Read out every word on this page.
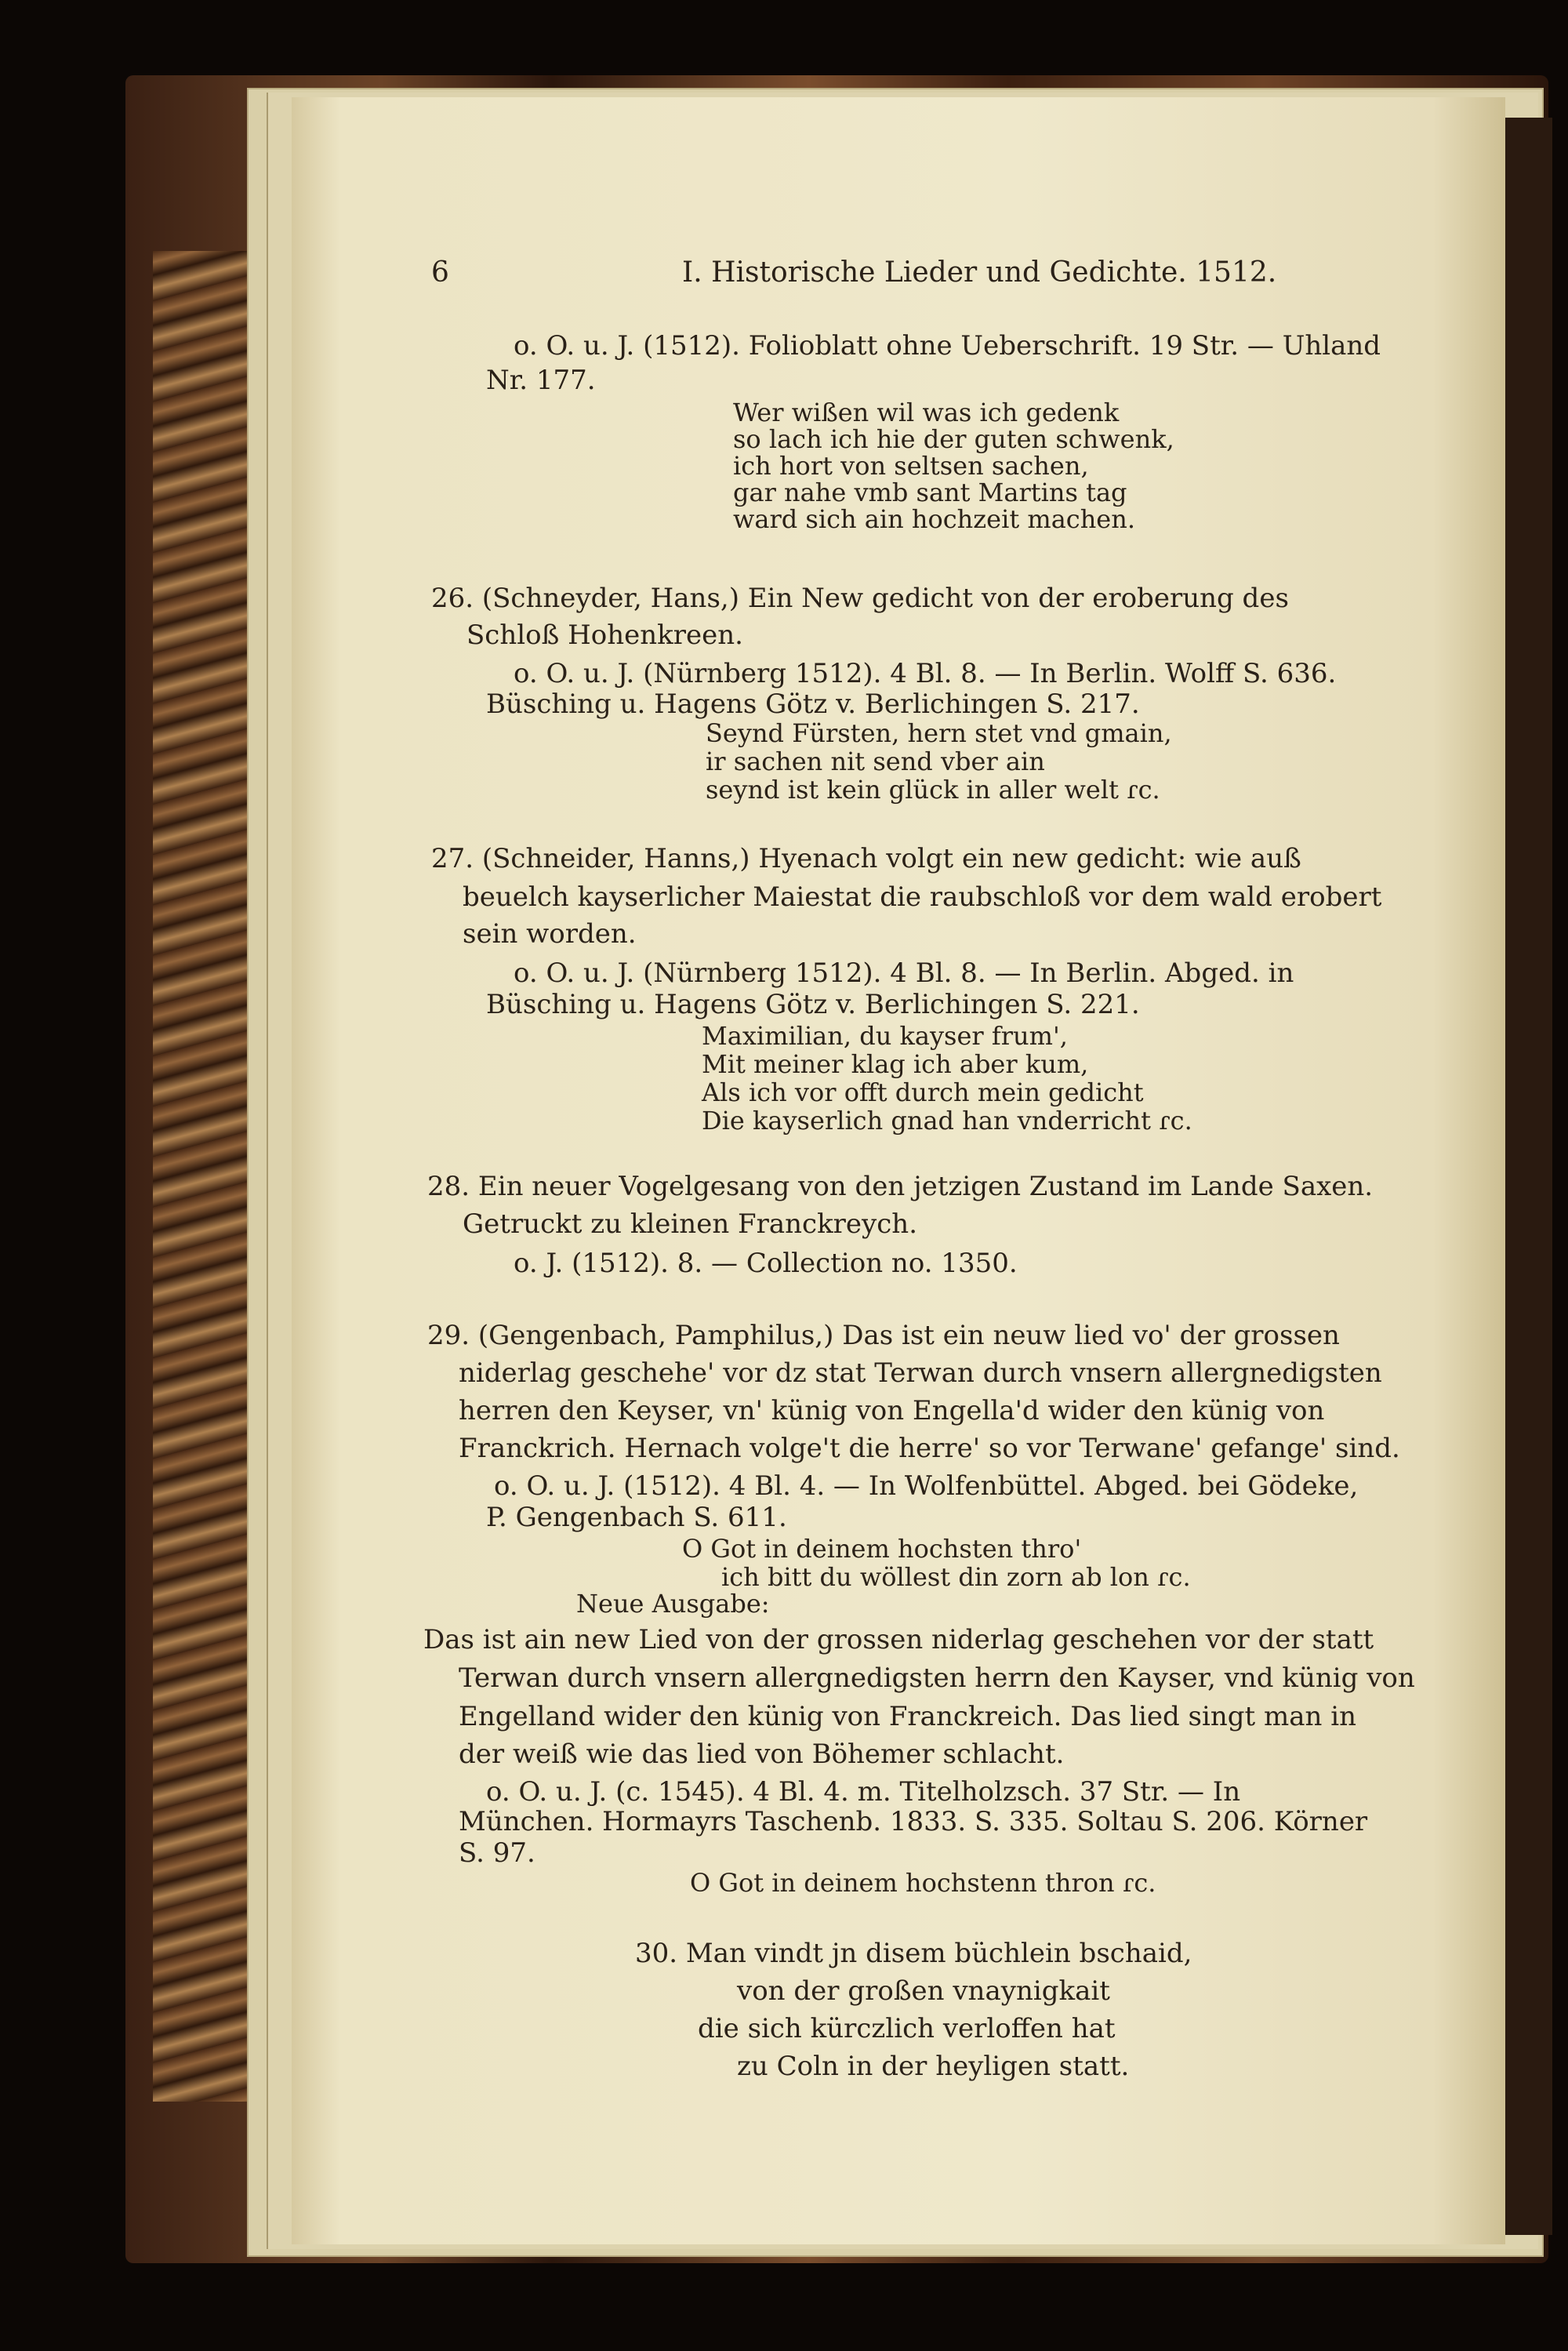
6	I. Historische Lieder und Gedichte. 1512.
o. O. u. J. (1512). Folioblatt ohne Ueberschrift. 19 Str. — Uhland
Nr. 177.
Wer wißen wil was ich gedenk
so lach ich hie der guten schwenk,
ich hort von seltsen sachen,
gar nahe vmb sant Martins tag
ward sich ain hochzeit machen.
26. (Schneyder, Hans,) Ein New gedicht von der eroberung des
Schloß Hohenkreen.
o. O. u. J. (Nürnberg 1512). 4 Bl. 8. — In Berlin. Wolff S. 636.
Büsching u. Hagens Götz v. Berlichingen S. 217.
Seynd Fürsten, hern stet vnd gmain,
ir sachen nit send vber ain
seynd ist kein glück in aller welt ɾc.
27. (Schneider, Hanns,) Hyenach volgt ein new gedicht: wie auß
beuelch kayserlicher Maiestat die raubschloß vor dem wald erobert
sein worden.
o. O. u. J. (Nürnberg 1512). 4 Bl. 8. — In Berlin. Abged. in
Büsching u. Hagens Götz v. Berlichingen S. 221.
Maximilian, du kayser frum',
Mit meiner klag ich aber kum,
Als ich vor offt durch mein gedicht
Die kayserlich gnad han vnderricht ɾc.
28. Ein neuer Vogelgesang von den jetzigen Zustand im Lande Saxen.
Getruckt zu kleinen Franckreych.
o. J. (1512). 8. — Collection no. 1350.
29. (Gengenbach, Pamphilus,) Das ist ein neuw lied vo' der grossen
niderlag geschehe' vor dz stat Terwan durch vnsern allergnedigsten
herren den Keyser, vn' künig von Engella'd wider den künig von
Franckrich. Hernach volge't die herre' so vor Terwane' gefange' sind.
o. O. u. J. (1512). 4 Bl. 4. — In Wolfenbüttel. Abged. bei Gödeke,
P. Gengenbach S. 611.
O Got in deinem hochsten thro'
ich bitt du wöllest din zorn ab lon ɾc.
Neue Ausgabe:
Das ist ain new Lied von der grossen niderlag geschehen vor der statt
Terwan durch vnsern allergnedigsten herrn den Kayser, vnd künig von
Engelland wider den künig von Franckreich. Das lied singt man in
der weiß wie das lied von Böhemer schlacht.
o. O. u. J. (c. 1545). 4 Bl. 4. m. Titelholzsch. 37 Str. — In
München. Hormayrs Taschenb. 1833. S. 335. Soltau S. 206. Körner
S. 97.
O Got in deinem hochstenn thron ɾc.
30. Man vindt jn disem büchlein bschaid,
von der großen vnaynigkait
die sich kürczlich verloffen hat
zu Coln in der heyligen statt.
